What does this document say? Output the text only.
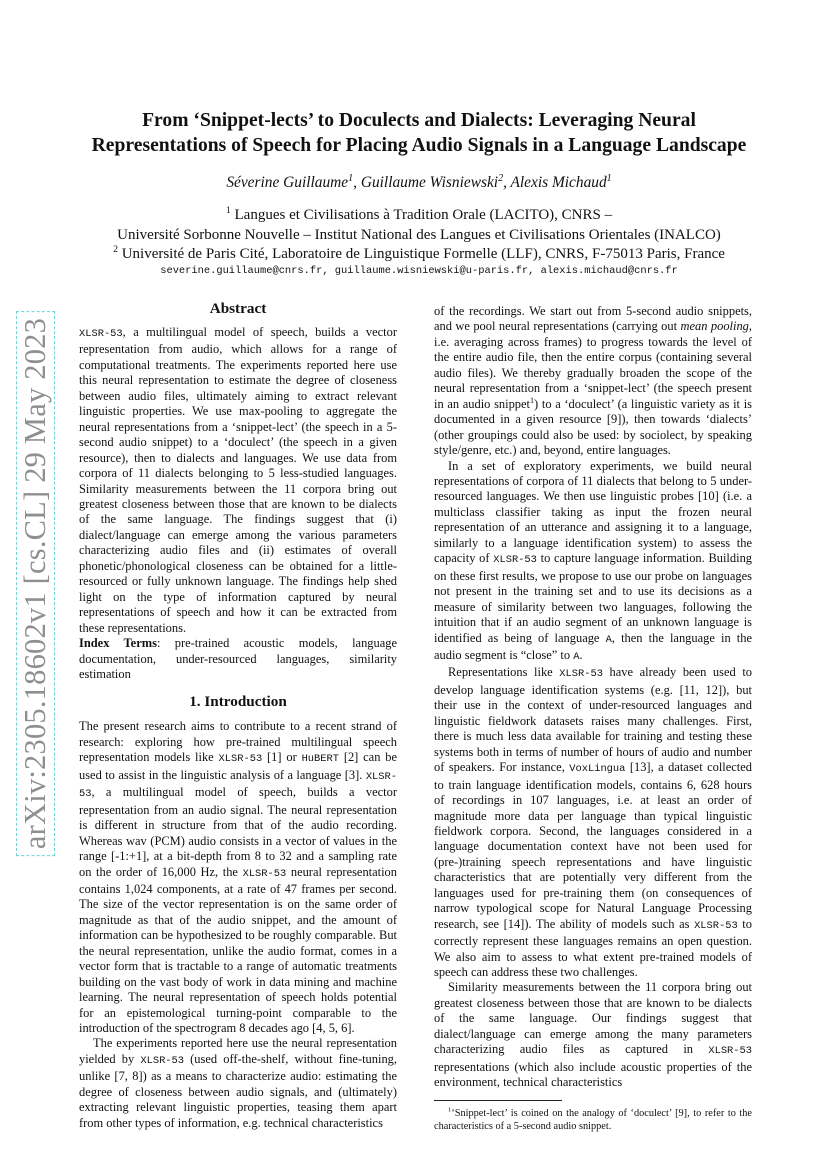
arXiv:2305.18602v1 [cs.CL] 29 May 2023
From ‘Snippet-lects’ to Doculects and Dialects: Leveraging Neural
Representations of Speech for Placing Audio Signals in a Language Landscape
Séverine Guillaume$^1$, Guillaume Wisniewski$^2$, Alexis Michaud$^1$
$^1$ Langues et Civilisations à Tradition Orale (LACITO), CNRS –
Université Sorbonne Nouvelle – Institut National des Langues et Civilisations Orientales (INALCO)
$^2$ Université de Paris Cité, Laboratoire de Linguistique Formelle (LLF), CNRS, F-75013 Paris, France
severine.guillaume@cnrs.fr, guillaume.wisniewski@u-paris.fr, alexis.michaud@cnrs.fr
Abstract

XLSR-53, a multilingual model of speech, builds a vector representation from audio, which allows for a range of computational treatments. The experiments reported here use this neural representation to estimate the degree of closeness between audio files, ultimately aiming to extract relevant linguistic properties. We use max-pooling to aggregate the neural representations from a ‘snippet-lect’ (the speech in a 5-second audio snippet) to a ‘doculect’ (the speech in a given resource), then to dialects and languages. We use data from corpora of 11 dialects belonging to 5 less-studied languages. Similarity measurements between the 11 corpora bring out greatest closeness between those that are known to be dialects of the same language. The findings suggest that (i) dialect/language can emerge among the various parameters characterizing audio files and (ii) estimates of overall phonetic/phonological closeness can be obtained for a little-resourced or fully unknown language. The findings help shed light on the type of information captured by neural representations of speech and how it can be extracted from these representations.

Index Terms: pre-trained acoustic models, language documentation, under-resourced languages, similarity estimation

1. Introduction

The present research aims to contribute to a recent strand of research: exploring how pre-trained multilingual speech representation models like XLSR-53 [1] or HuBERT [2] can be used to assist in the linguistic analysis of a language [3]. XLSR-53, a multilingual model of speech, builds a vector representation from an audio signal. The neural representation is different in structure from that of the audio recording. Whereas wav (PCM) audio consists in a vector of values in the range [-1:+1], at a bit-depth from 8 to 32 and a sampling rate on the order of 16,000 Hz, the XLSR-53 neural representation contains 1,024 components, at a rate of 47 frames per second. The size of the vector representation is on the same order of magnitude as that of the audio snippet, and the amount of information can be hypothesized to be roughly comparable. But the neural representation, unlike the audio format, comes in a vector form that is tractable to a range of automatic treatments building on the vast body of work in data mining and machine learning. The neural representation of speech holds potential for an epistemological turning-point comparable to the introduction of the spectrogram 8 decades ago [4, 5, 6].

The experiments reported here use the neural representation yielded by XLSR-53 (used off-the-shelf, without fine-tuning, unlike [7, 8]) as a means to characterize audio: estimating the degree of closeness between audio signals, and (ultimately) extracting relevant linguistic properties, teasing them apart from other types of information, e.g. technical characteristics

of the recordings. We start out from 5-second audio snippets, and we pool neural representations (carrying out mean pooling, i.e. averaging across frames) to progress towards the level of the entire audio file, then the entire corpus (containing several audio files). We thereby gradually broaden the scope of the neural representation from a ‘snippet-lect’ (the speech present in an audio snippet$^1$) to a ‘doculect’ (a linguistic variety as it is documented in a given resource [9]), then towards ‘dialects’ (other groupings could also be used: by sociolect, by speaking style/genre, etc.) and, beyond, entire languages.

In a set of exploratory experiments, we build neural representations of corpora of 11 dialects that belong to 5 under-resourced languages. We then use linguistic probes [10] (i.e. a multiclass classifier taking as input the frozen neural representation of an utterance and assigning it to a language, similarly to a language identification system) to assess the capacity of XLSR-53 to capture language information. Building on these first results, we propose to use our probe on languages not present in the training set and to use its decisions as a measure of similarity between two languages, following the intuition that if an audio segment of an unknown language is identified as being of language A, then the language in the audio segment is “close” to A.

Representations like XLSR-53 have already been used to develop language identification systems (e.g. [11, 12]), but their use in the context of under-resourced languages and linguistic fieldwork datasets raises many challenges. First, there is much less data available for training and testing these systems both in terms of number of hours of audio and number of speakers. For instance, VoxLingua [13], a dataset collected to train language identification models, contains 6, 628 hours of recordings in 107 languages, i.e. at least an order of magnitude more data per language than typical linguistic fieldwork corpora. Second, the languages considered in a language documentation context have not been used for (pre-)training speech representations and have linguistic characteristics that are potentially very different from the languages used for pre-training them (on consequences of narrow typological scope for Natural Language Processing research, see [14]). The ability of models such as XLSR-53 to correctly represent these languages remains an open question. We also aim to assess to what extent pre-trained models of speech can address these two challenges.

Similarity measurements between the 11 corpora bring out greatest closeness between those that are known to be dialects of the same language. Our findings suggest that dialect/language can emerge among the many parameters characterizing audio files as captured in XLSR-53 representations (which also include acoustic properties of the environment, technical characteristics

$^1$‘Snippet-lect’ is coined on the analogy of ‘doculect’ [9], to refer to the characteristics of a 5-second audio snippet.
